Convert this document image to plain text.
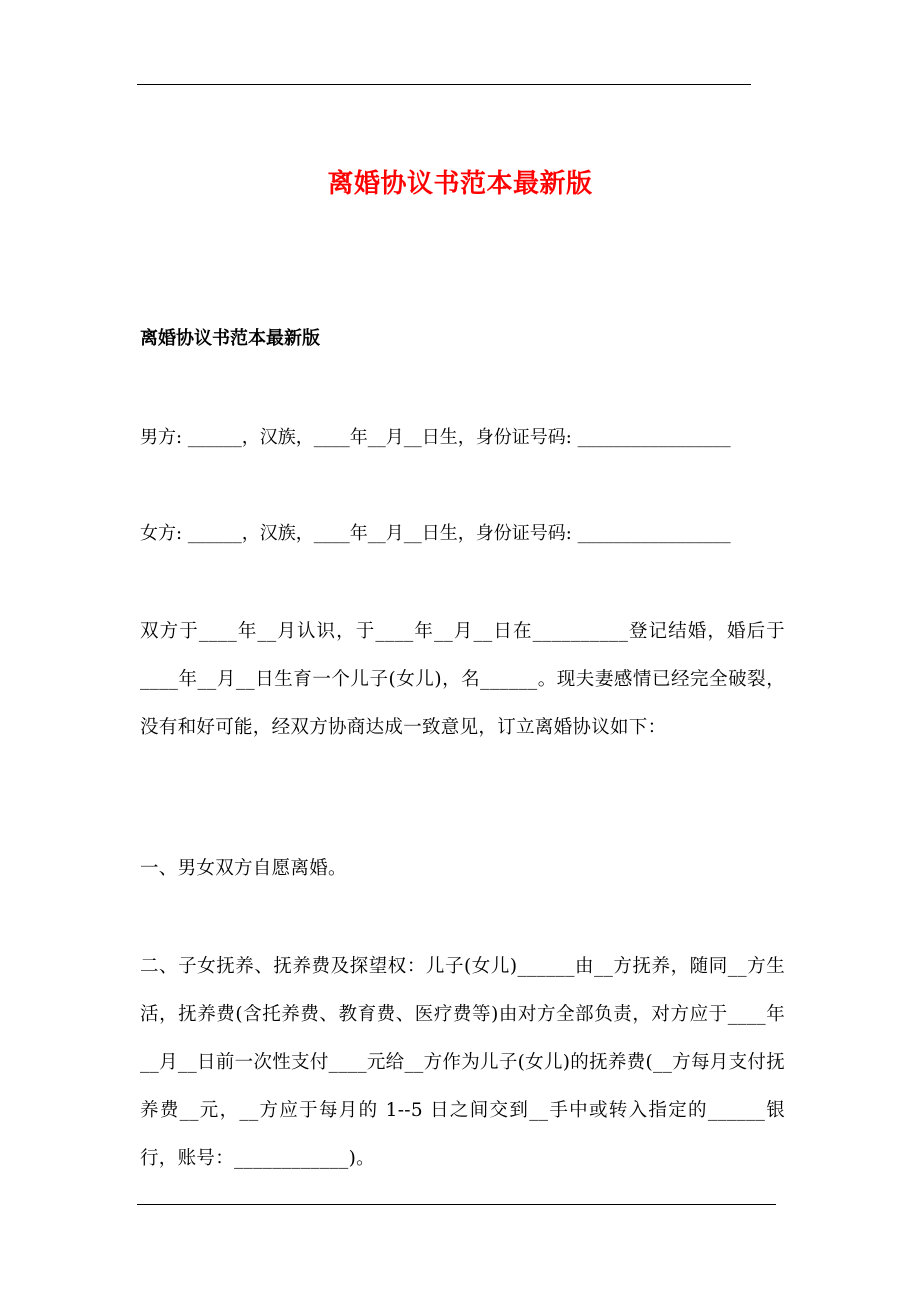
离婚协议书范本最新版
离婚协议书范本最新版
男方: ______，汉族，____年__月__日生，身份证号码: _________________
女方: ______，汉族，____年__月__日生，身份证号码: _________________
双方于____年__月认识，于____年__月__日在__________登记结婚，婚后于____年__月__日生育一个儿子(女儿)，名______。现夫妻感情已经完全破裂，没有和好可能，经双方协商达成一致意见，订立离婚协议如下：
一、男女双方自愿离婚。
二、子女抚养、抚养费及探望权：儿子(女儿)______由__方抚养，随同__方生活，抚养费(含托养费、教育费、医疗费等)由对方全部负责，对方应于____年__月__日前一次性支付____元给__方作为儿子(女儿)的抚养费(__方每月支付抚养费__元，__方应于每月的 1--5 日之间交到__手中或转入指定的______银行，账号：____________)。
